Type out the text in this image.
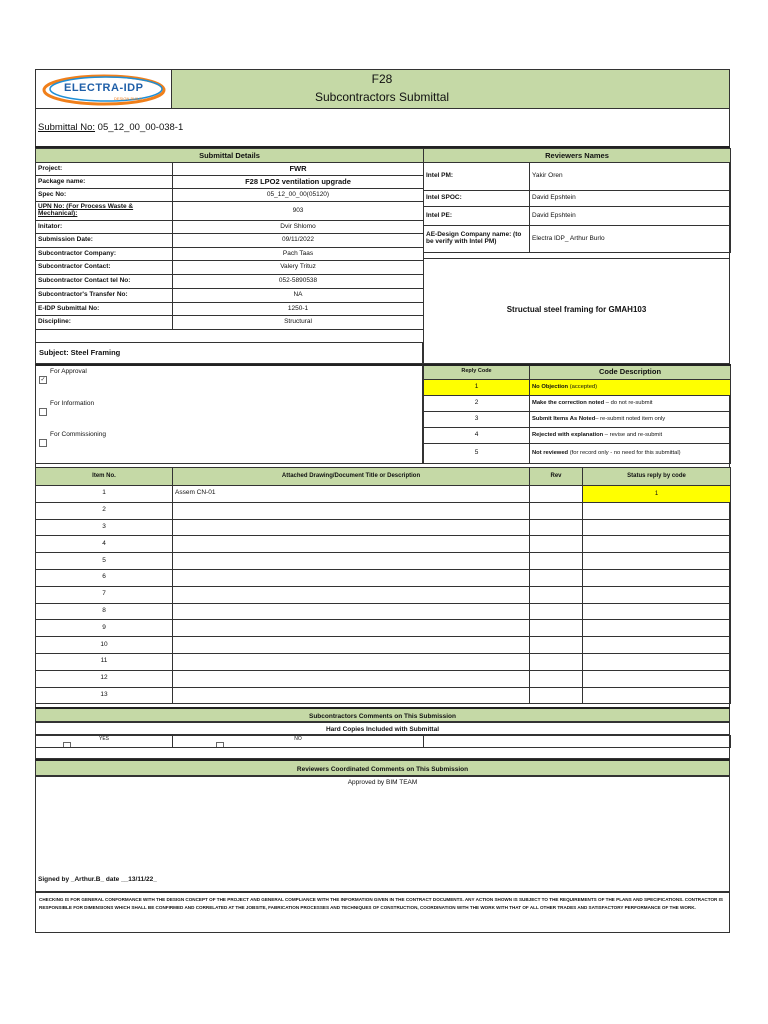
ELECTRA-IDP
DESIGN BUILD
F28
Subcontractors Submittal
Submittal No: 05_12_00_00-038-1
Submittal Details	
Project:	FWR
Package name:	F28 LPO2 ventilation upgrade
Spec No:	05_12_00_00(05120)
UPN No: (For Process Waste & Mechanical):	903
Initator:	Dvir Shlomo
Submission Date:	09/11/2022
Subcontractor Company:	Pach Taas
Subcontractor Contact:	Valery Trituz
Subcontractor Contact tel No:	052-5890538
Subcontractor's Transfer No:	NA
E-IDP Submittal No:	1250-1
Discipline:	Structural
Subject: Steel Framing
Reviewers Names	
Intel PM:	Yakir Oren
Intel SPOC:	David Epshtein
Intel PE:	David Epshtein
AE-Design Company name: (to be verify with Intel PM)	Electra IDP_ Arthur Burlo
Structual steel framing for GMAH103
✓
For Approval
For Information
For Commissioning
Reply Code	Code Description
1	No Objection (accepted)
2	Make the correction noted – do not re-submit
3	Submit Items As Noted– re-submit noted item only
4	Rejected with explanation – revise and re-submit
5	Not reviewed (for record only - no need for this submittal)
Item No.	Attached Drawing/Document Title or Description	Rev	Status reply by code
1	Assem CN-01		1
2			
3			
4			
5			
6			
7			
8			
9			
10			
11			
12			
13			
Subcontractors Comments on This Submission
Hard Copies Included with Submittal
$^{YES}$	$^{NO}$

Reviewers Coordinated Comments on This Submission
Approved by BIM TEAM
Signed by _Arthur.B_ date __13/11/22_
CHECKING IS FOR GENERAL CONFORMANCE WITH THE DESIGN CONCEPT OF THE PROJECT AND GENERAL COMPLIANCE WITH THE INFORMATION GIVEN IN THE CONTRACT DOCUMENTS. ANY ACTION SHOWN IS SUBJECT TO THE REQUIREMENTS OF THE PLANS AND SPECIFICATIONS. CONTRACTOR IS RESPONSIBLE FOR DIMENSIONS WHICH SHALL BE CONFIRMED AND CORRELATED AT THE JOBSITE, FABRICATION PROCESSES AND TECHNIQUES OF CONSTRUCTION, COORDINATION WITH THE WORK WITH THAT OF ALL OTHER TRADES AND SATISFACTORY PERFORMANCE OF THE WORK.
